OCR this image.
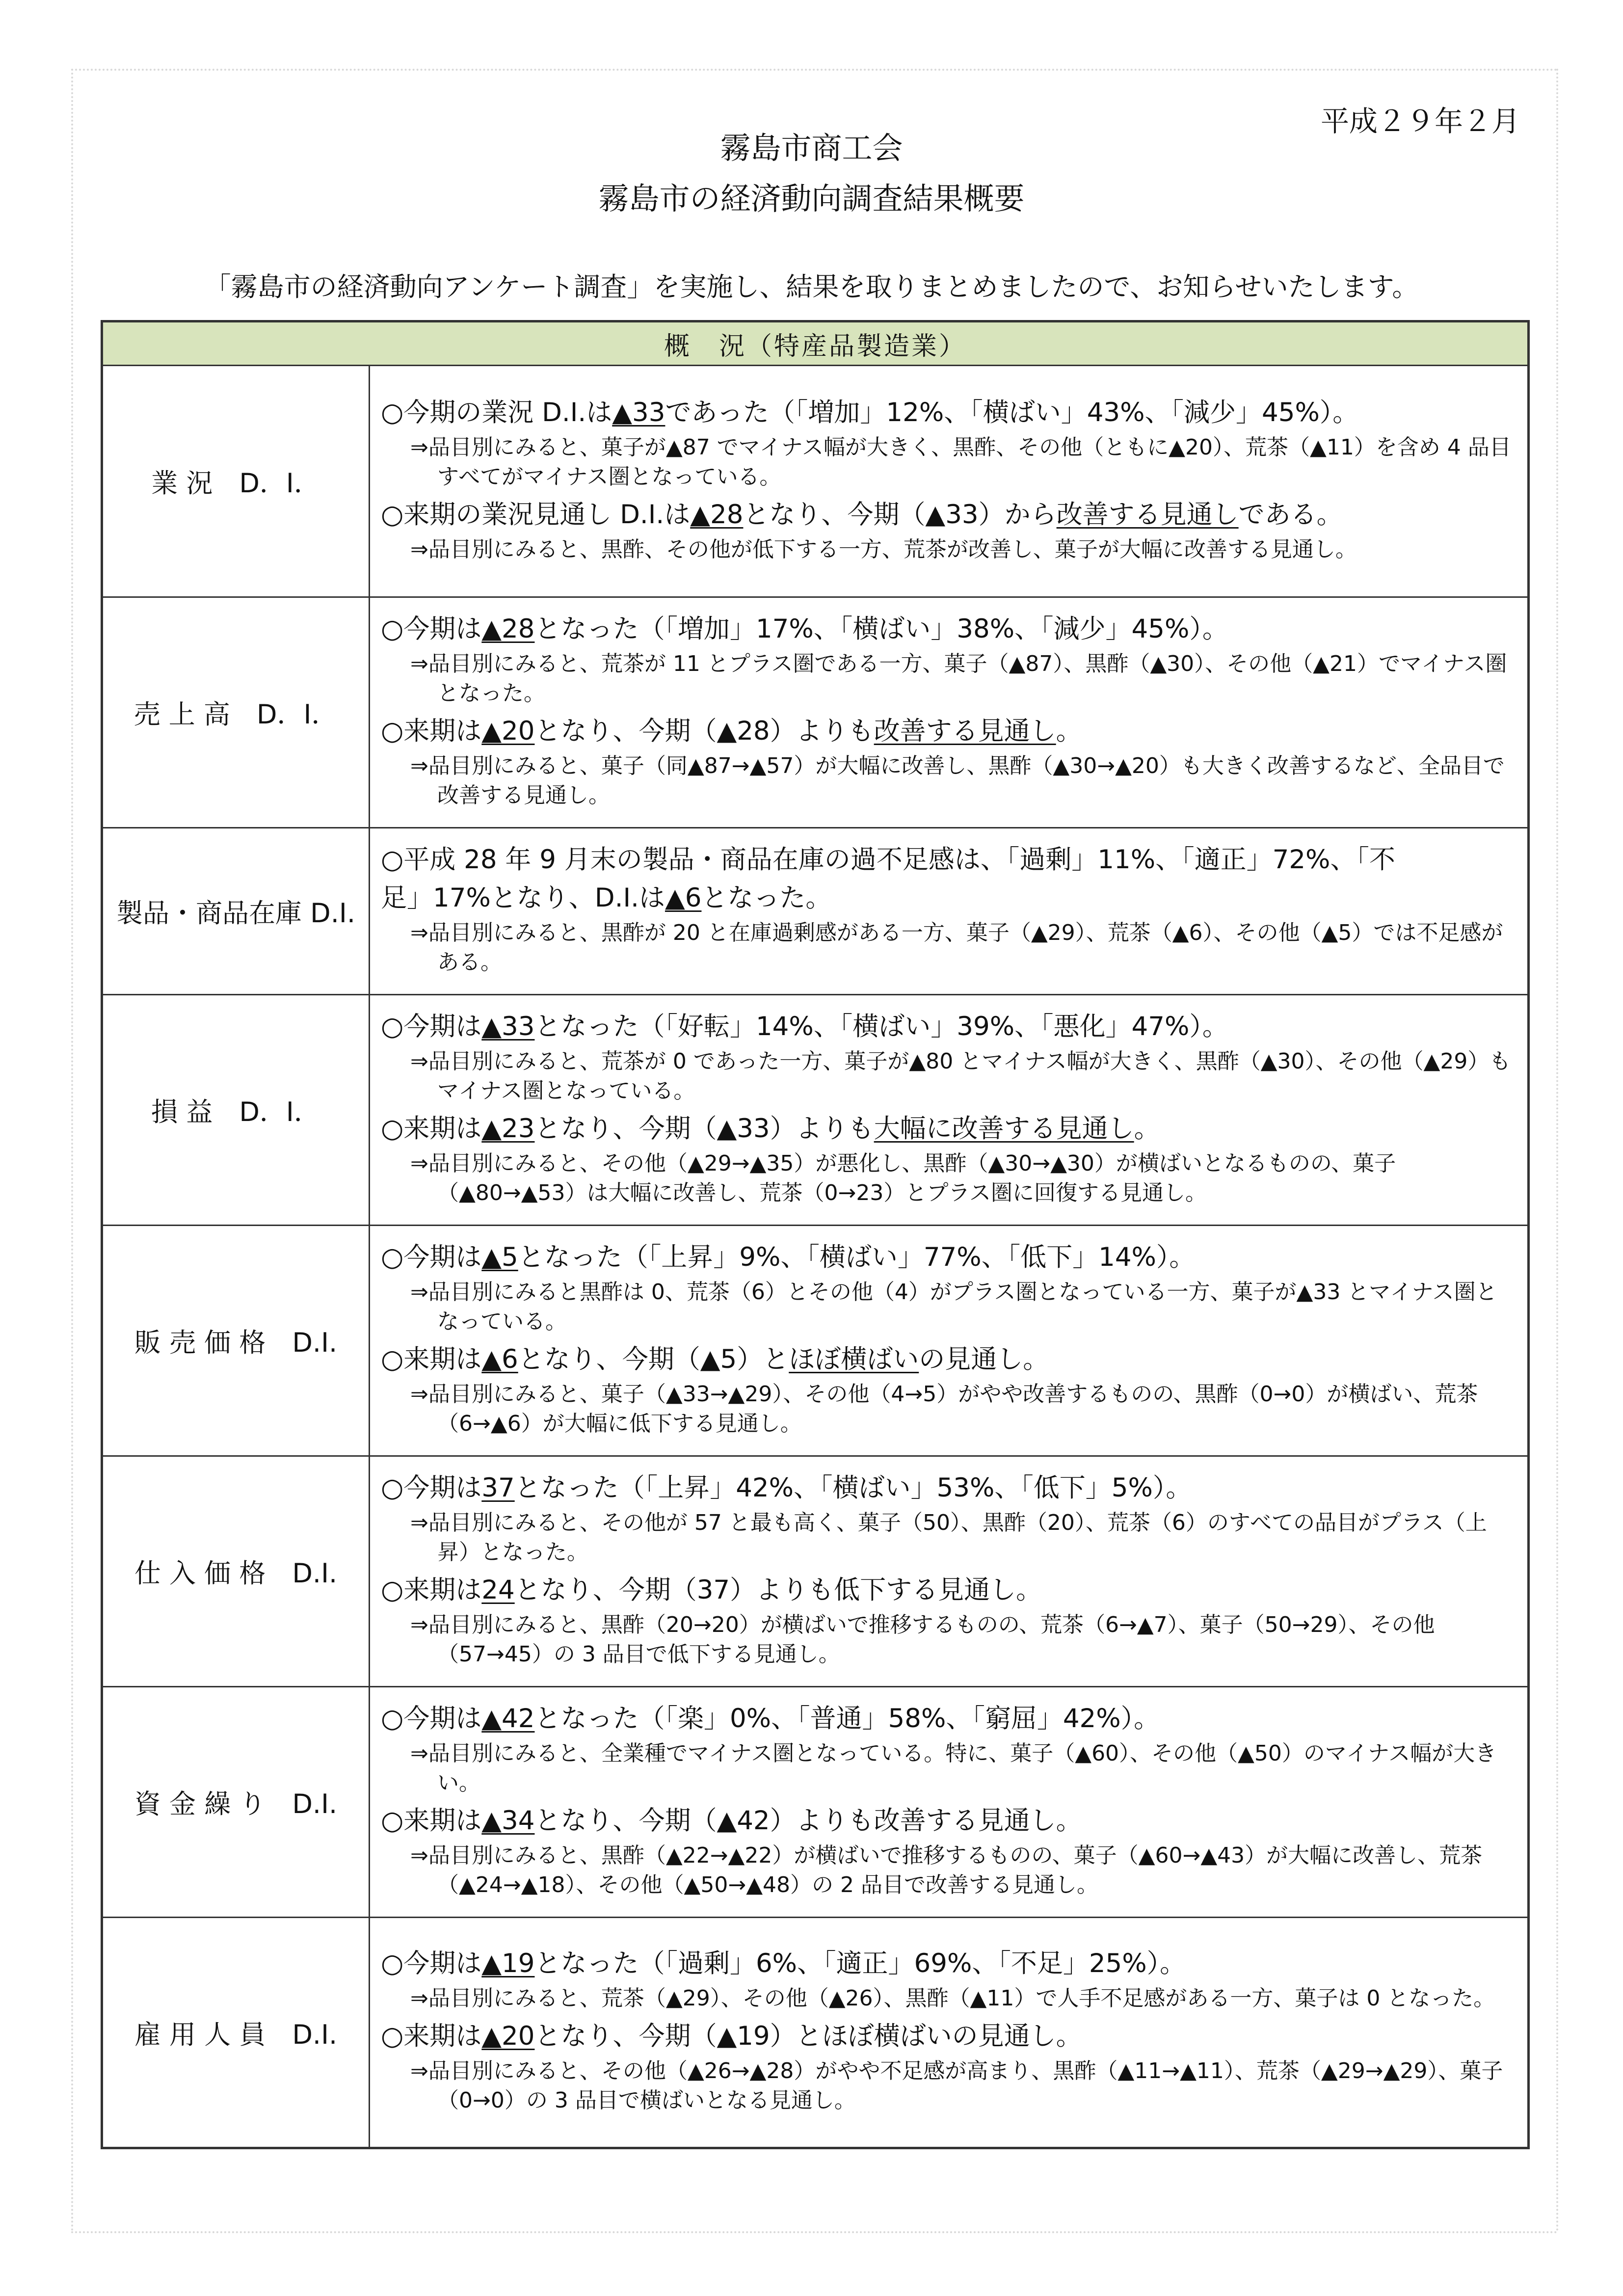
平成２９年２月
霧島市商工会
霧島市の経済動向調査結果概要
「霧島市の経済動向アンケート調査」を実施し、結果を取りまとめましたので、お知らせいたします。
概　況（特産品製造業）	
業 況　D．I．	○今期の業況 D.I.は▲33であった（「増加」12%、「横ばい」43%、「減少」45%）。

⇒品目別にみると、菓子が▲87 でマイナス幅が大きく、黒酢、その他（ともに▲20）、荒茶（▲11）を含め 4 品目すべてがマイナス圏となっている。

○来期の業況見通し D.I.は▲28となり、今期（▲33）から改善する見通しである。

⇒品目別にみると、黒酢、その他が低下する一方、荒茶が改善し、菓子が大幅に改善する見通し。

売 上 高　D．I．	○今期は▲28となった（「増加」17%、「横ばい」38%、「減少」45%）。

⇒品目別にみると、荒茶が 11 とプラス圏である一方、菓子（▲87）、黒酢（▲30）、その他（▲21）でマイナス圏となった。

○来期は▲20となり、今期（▲28）よりも改善する見通し。

⇒品目別にみると、菓子（同▲87→▲57）が大幅に改善し、黒酢（▲30→▲20）も大きく改善するなど、全品目で改善する見通し。

製品・商品在庫 D.I.	○平成 28 年 9 月末の製品・商品在庫の過不足感は、「過剰」11%、「適正」72%、「不

足」17%となり、D.I.は▲6となった。

⇒品目別にみると、黒酢が 20 と在庫過剰感がある一方、菓子（▲29）、荒茶（▲6）、その他（▲5）では不足感がある。

損 益　D．I．	○今期は▲33となった（「好転」14%、「横ばい」39%、「悪化」47%）。

⇒品目別にみると、荒茶が 0 であった一方、菓子が▲80 とマイナス幅が大きく、黒酢（▲30）、その他（▲29）もマイナス圏となっている。

○来期は▲23となり、今期（▲33）よりも大幅に改善する見通し。

⇒品目別にみると、その他（▲29→▲35）が悪化し、黒酢（▲30→▲30）が横ばいとなるものの、菓子（▲80→▲53）は大幅に改善し、荒茶（0→23）とプラス圏に回復する見通し。

販 売 価 格　D.I.	○今期は▲5となった（「上昇」9%、「横ばい」77%、「低下」14%）。

⇒品目別にみると黒酢は 0、荒茶（6）とその他（4）がプラス圏となっている一方、菓子が▲33 とマイナス圏となっている。

○来期は▲6となり、今期（▲5）とほぼ横ばいの見通し。

⇒品目別にみると、菓子（▲33→▲29）、その他（4→5）がやや改善するものの、黒酢（0→0）が横ばい、荒茶（6→▲6）が大幅に低下する見通し。

仕 入 価 格　D.I.	○今期は37となった（「上昇」42%、「横ばい」53%、「低下」5%）。

⇒品目別にみると、その他が 57 と最も高く、菓子（50）、黒酢（20）、荒茶（6）のすべての品目がプラス（上昇）となった。

○来期は24となり、今期（37）よりも低下する見通し。

⇒品目別にみると、黒酢（20→20）が横ばいで推移するものの、荒茶（6→▲7）、菓子（50→29）、その他（57→45）の 3 品目で低下する見通し。

資 金 繰 り　D.I.	○今期は▲42となった（「楽」0%、「普通」58%、「窮屈」42%）。

⇒品目別にみると、全業種でマイナス圏となっている。特に、菓子（▲60）、その他（▲50）のマイナス幅が大きい。

○来期は▲34となり、今期（▲42）よりも改善する見通し。

⇒品目別にみると、黒酢（▲22→▲22）が横ばいで推移するものの、菓子（▲60→▲43）が大幅に改善し、荒茶（▲24→▲18）、その他（▲50→▲48）の 2 品目で改善する見通し。

雇 用 人 員　D.I.	○今期は▲19となった（「過剰」6%、「適正」69%、「不足」25%）。

⇒品目別にみると、荒茶（▲29）、その他（▲26）、黒酢（▲11）で人手不足感がある一方、菓子は 0 となった。

○来期は▲20となり、今期（▲19）とほぼ横ばいの見通し。

⇒品目別にみると、その他（▲26→▲28）がやや不足感が高まり、黒酢（▲11→▲11）、荒茶（▲29→▲29）、菓子（0→0）の 3 品目で横ばいとなる見通し。
